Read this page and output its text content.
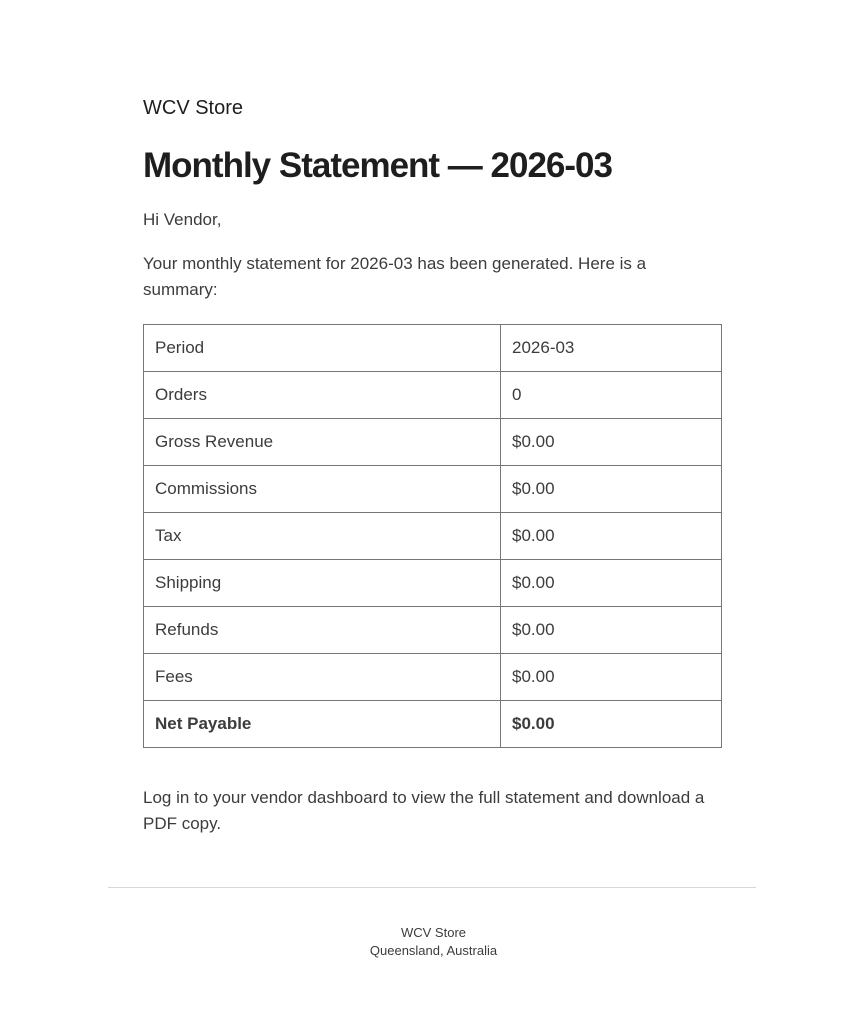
WCV Store
Monthly Statement — 2026-03
Hi Vendor,
Your monthly statement for 2026-03 has been generated. Here is a summary:
Period	2026-03
Orders	0
Gross Revenue	$0.00
Commissions	$0.00
Tax	$0.00
Shipping	$0.00
Refunds	$0.00
Fees	$0.00
Net Payable	$0.00
Log in to your vendor dashboard to view the full statement and download a PDF copy.
WCV Store
Queensland, Australia
